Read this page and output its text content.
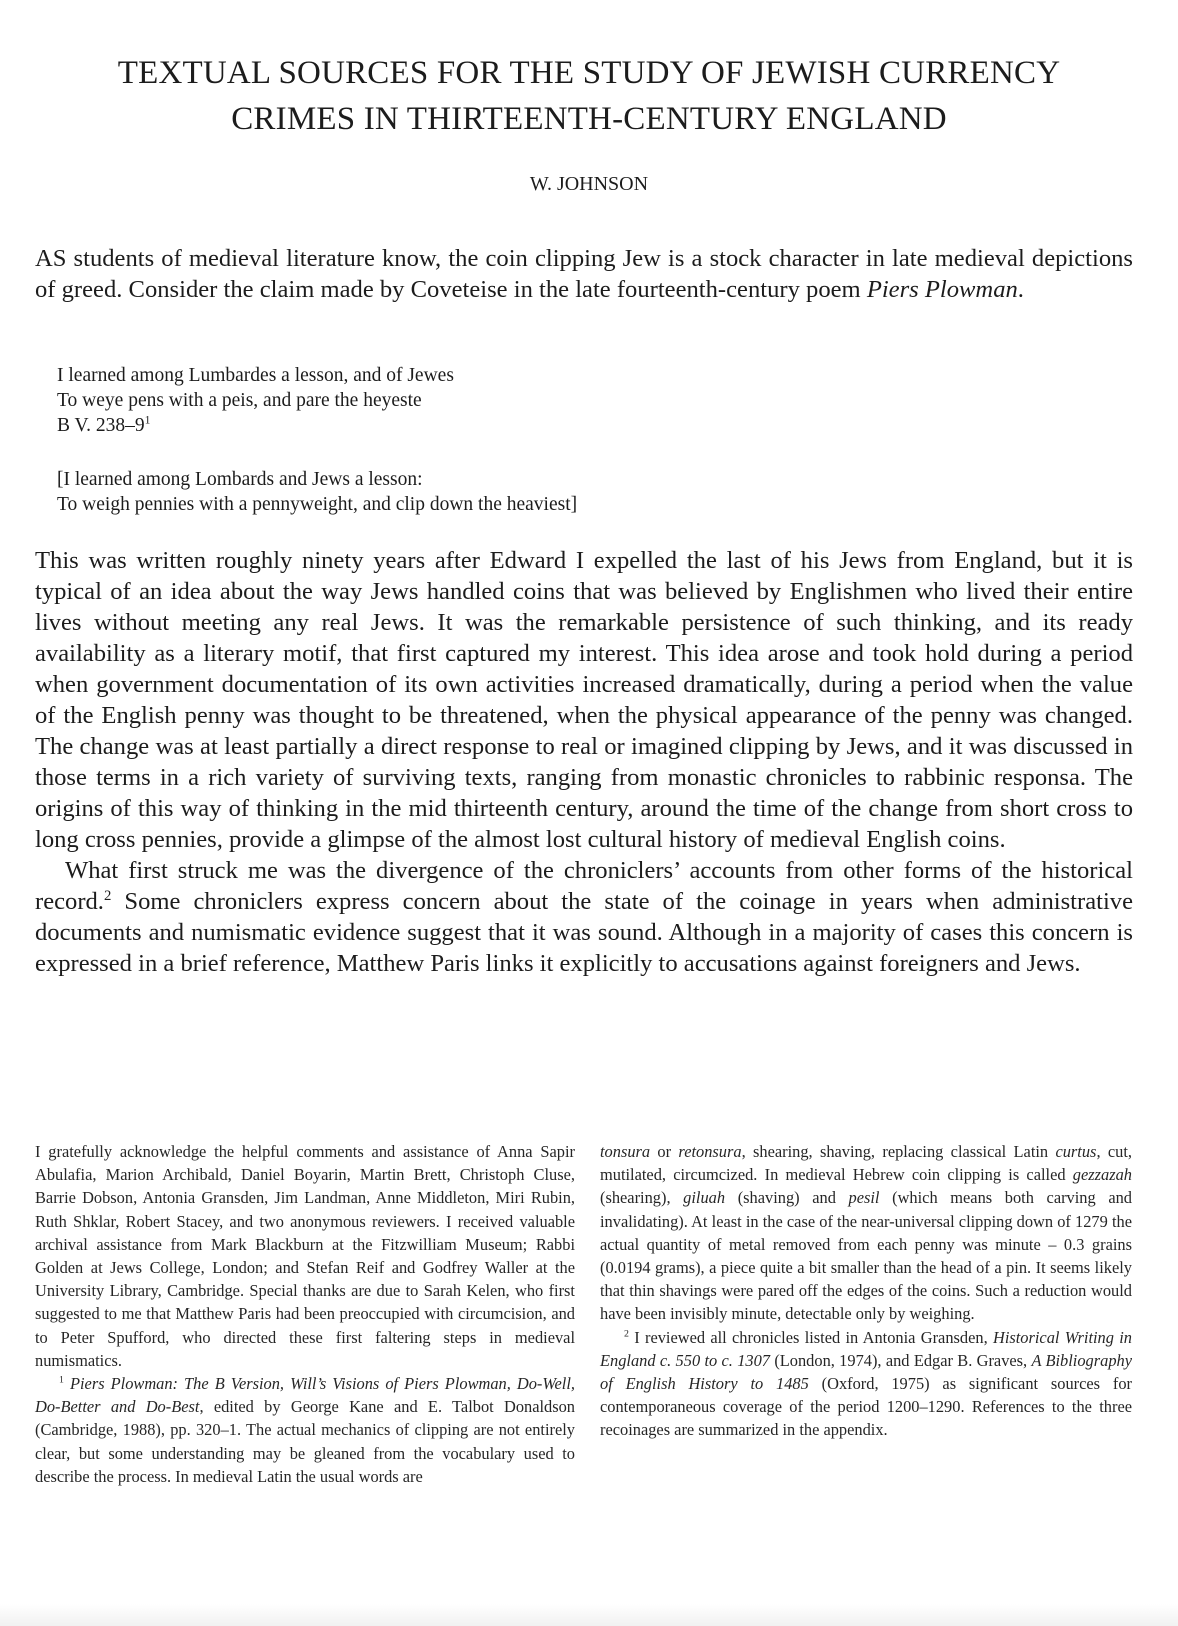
TEXTUAL SOURCES FOR THE STUDY OF JEWISH CURRENCY
CRIMES IN THIRTEENTH-CENTURY ENGLAND
W. JOHNSON

AS students of medieval literature know, the coin clipping Jew is a stock character in late medieval depictions of greed. Consider the claim made by Coveteise in the late fourteenth-century poem Piers Plowman.

I learned among Lumbardes a lesson, and of Jewes
To weye pens with a peis, and pare the heyeste
B V. $238-9^1$
[I learned among Lombards and Jews a lesson:
To weigh pennies with a pennyweight, and clip down the heaviest]

This was written roughly ninety years after Edward I expelled the last of his Jews from England, but it is typical of an idea about the way Jews handled coins that was believed by Englishmen who lived their entire lives without meeting any real Jews. It was the remarkable persistence of such thinking, and its ready availability as a literary motif, that first captured my interest. This idea arose and took hold during a period when government documentation of its own activities increased dramatically, during a period when the value of the English penny was thought to be threatened, when the physical appearance of the penny was changed. The change was at least partially a direct response to real or imagined clipping by Jews, and it was discussed in those terms in a rich variety of surviving texts, ranging from monastic chronicles to rabbinic responsa. The origins of this way of thinking in the mid thirteenth century, around the time of the change from short cross to long cross pennies, provide a glimpse of the almost lost cultural history of medieval English coins.

What first struck me was the divergence of the chroniclers’ accounts from other forms of the historical record.$^2$ Some chroniclers express concern about the state of the coinage in years when administrative documents and numismatic evidence suggest that it was sound. Although in a majority of cases this concern is expressed in a brief reference, Matthew Paris links it explicitly to accusations against foreigners and Jews.

I gratefully acknowledge the helpful comments and assistance of Anna Sapir Abulafia, Marion Archibald, Daniel Boyarin, Martin Brett, Christoph Cluse, Barrie Dobson, Antonia Gransden, Jim Landman, Anne Middleton, Miri Rubin, Ruth Shklar, Robert Stacey, and two anonymous reviewers. I received valuable archival assistance from Mark Blackburn at the Fitzwilliam Museum; Rabbi Golden at Jews College, London; and Stefan Reif and Godfrey Waller at the University Library, Cambridge. Special thanks are due to Sarah Kelen, who first suggested to me that Matthew Paris had been preoccupied with circumcision, and to Peter Spufford, who directed these first faltering steps in medieval numismatics.

$^1$ Piers Plowman: The B Version, Will’s Visions of Piers Plowman, Do-Well, Do-Better and Do-Best, edited by George Kane and E. Talbot Donaldson (Cambridge, 1988), pp. 320–1. The actual mechanics of clipping are not entirely clear, but some understanding may be gleaned from the vocabulary used to describe the process. In medieval Latin the usual words are

tonsura or retonsura, shearing, shaving, replacing classical Latin curtus, cut, mutilated, circumcized. In medieval Hebrew coin clipping is called gezzazah (shearing), giluah (shaving) and pesil (which means both carving and invalidating). At least in the case of the near-universal clipping down of 1279 the actual quantity of metal removed from each penny was minute – 0.3 grains (0.0194 grams), a piece quite a bit smaller than the head of a pin. It seems likely that thin shavings were pared off the edges of the coins. Such a reduction would have been invisibly minute, detectable only by weighing.

$^2$ I reviewed all chronicles listed in Antonia Gransden, Historical Writing in England c. 550 to c. 1307 (London, 1974), and Edgar B. Graves, A Bibliography of English History to 1485 (Oxford, 1975) as significant sources for contemporaneous coverage of the period 1200–1290. References to the three recoinages are summarized in the appendix.
